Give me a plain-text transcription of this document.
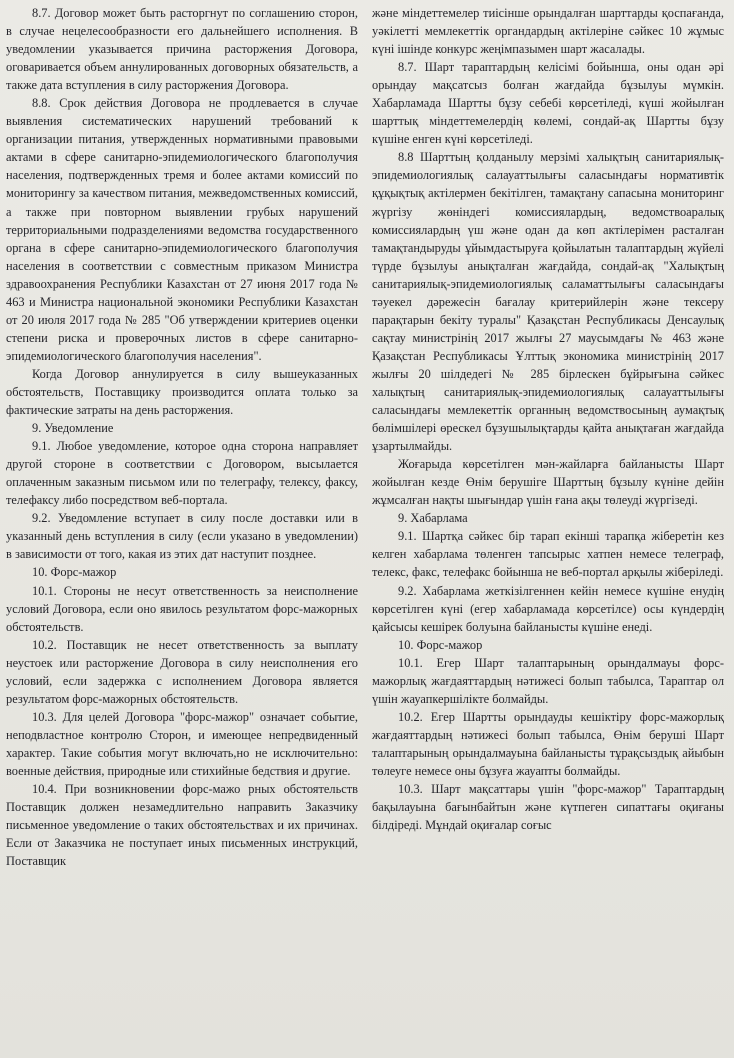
8.7. Договор может быть расторгнут по соглашению сторон, в случае нецелесообразности его дальнейшего исполнения. В уведомлении указывается причина расторжения Договора, оговаривается объем аннулированных договорных обязательств, а также дата вступления в силу расторжения Договора.

8.8. Срок действия Договора не продлевается в случае выявления систематических нарушений требований к организации питания, утвержденных нормативными правовыми актами в сфере санитарно-эпидемиологического благополучия населения, подтвержденных тремя и более актами комиссий по мониторингу за качеством питания, межведомственных комиссий, а также при повторном выявлении грубых нарушений территориальными подразделениями ведомства государственного органа в сфере санитарно-эпидемиологического благополучия населения в соответствии с совместным приказом Министра здравоохранения Республики Казахстан от 27 июня 2017 года № 463 и Министра национальной экономики Республики Казахстан от 20 июля 2017 года № 285 "Об утверждении критериев оценки степени риска и проверочных листов в сфере санитарно-эпидемиологического благополучия населения".

Когда Договор аннулируется в силу вышеуказанных обстоятельств, Поставщику производится оплата только за фактические затраты на день расторжения.

9. Уведомление

9.1. Любое уведомление, которое одна сторона направляет другой стороне в соответствии с Договором, высылается оплаченным заказным письмом или по телеграфу, телексу, факсу, телефаксу либо посредством веб-портала.

9.2. Уведомление вступает в силу после доставки или в указанный день вступления в силу (если указано в уведомлении) в зависимости от того, какая из этих дат наступит позднее.

10. Форс-мажор

10.1. Стороны не несут ответственность за неисполнение условий Договора, если оно явилось результатом форс-мажорных обстоятельств.

10.2. Поставщик не несет ответственность за выплату неустоек или расторжение Договора в силу неисполнения его условий, если задержка с исполнением Договора является результатом форс-мажорных обстоятельств.

10.3. Для целей Договора "форс-мажор" означает событие, неподвластное контролю Сторон, и имеющее непредвиденный характер. Такие события могут включать,но не исключительно: военные действия, природные или стихийные бедствия и другие.

10.4. При возникновении форс-мажо рных обстоятельств Поставщик должен незамедлительно направить Заказчику письменное уведомление о таких обстоятельствах и их причинах. Если от Заказчика не поступает иных письменных инструкций, Поставщик

және міндеттемелер тиісінше орындалған шарттарды қоспағанда, уәкілетті мемлекеттік органдардың актілеріне сәйкес 10 жұмыс күні ішінде конкурс жеңімпазымен шарт жасалады.

8.7. Шарт тараптардың келісімі бойынша, оны одан әрі орындау мақсатсыз болған жағдайда бұзылуы мүмкін. Хабарламада Шартты бұзу себебі көрсетіледі, күші жойылған шарттық міндеттемелердің көлемі, сондай-ақ Шартты бұзу күшіне енген күні көрсетіледі.

8.8 Шарттың қолданылу мерзімі халықтың санитариялық-эпидемиологиялық салауаттылығы саласындағы нормативтік құқықтық актілермен бекітілген, тамақтану сапасына мониторинг жүргізу жөніндегі комиссиялардың, ведомствоаралық комиссиялардың үш және одан да көп актілерімен расталған тамақтандыруды ұйымдастыруға қойылатын талаптардың жүйелі түрде бұзылуы анықталған жағдайда, сондай-ақ "Халықтың санитариялық-эпидемиологиялық саламаттылығы саласындағы тәуекел дәрежесін бағалау критерийлерін және тексеру парақтарын бекіту туралы" Қазақстан Республикасы Денсаулық сақтау министрінің 2017 жылғы 27 маусымдағы № 463 және Қазақстан Республикасы Ұлттық экономика министрінің 2017 жылғы 20 шілдедегі № 285 бірлескен бұйрығына сәйкес халықтың санитариялық-эпидемиологиялық салауаттылығы саласындағы мемлекеттік органның ведомствосының аумақтық бөлімшілері өрескел бұзушылықтарды қайта анықтаған жағдайда ұзартылмайды.

Жоғарыда көрсетілген мән-жайларға байланысты Шарт жойылған кезде Өнім берушіге Шарттың бұзылу күніне дейін жұмсалған нақты шығындар үшін ғана ақы төлеуді жүргізеді.

9. Хабарлама

9.1. Шартқа сәйкес бір тарап екінші тарапқа жіберетін кез келген хабарлама төленген тапсырыс хатпен немесе телеграф, телекс, факс, телефакс бойынша не веб-портал арқылы жіберіледі.

9.2. Хабарлама жеткізілгеннен кейін немесе күшіне енудің көрсетілген күні (егер хабарламада көрсетілсе) осы күндердің қайсысы кешірек болуына байланысты күшіне енеді.

10. Форс-мажор

10.1. Егер Шарт талаптарының орындалмауы форс-мажорлық жағдаяттардың нәтижесі болып табылса, Тараптар ол үшін жауапкершілікте болмайды.

10.2. Егер Шартты орындауды кешіктіру форс-мажорлық жағдаяттардың нәтижесі болып табылса, Өнім беруші Шарт талаптарының орындалмауына байланысты тұрақсыздық айыбын төлеуге немесе оны бұзуға жауапты болмайды.

10.3. Шарт мақсаттары үшін "форс-мажор" Тараптардың бақылауына бағынбайтын және күтпеген сипаттағы оқиғаны білдіреді. Мұндай оқиғалар соғыс
